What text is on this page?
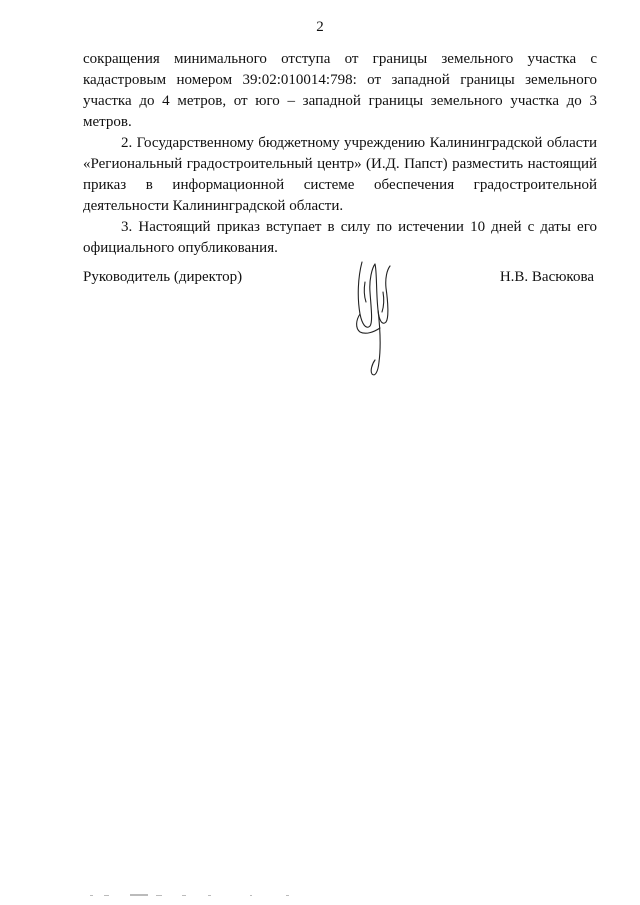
2

сокращения минимального отступа от границы земельного участка с кадастровым номером 39:02:010014:798: от западной границы земельного участка до 4 метров, от юго – западной границы земельного участка до 3 метров.

2. Государственному бюджетному учреждению Калининградской области «Региональный градостроительный центр» (И.Д. Папст) разместить настоящий приказ в информационной системе обеспечения градостроительной деятельности Калининградской области.

3. Настоящий приказ вступает в силу по истечении 10 дней с даты его официального опубликования.

Руководитель (директор)	Н.В. Васюкова
